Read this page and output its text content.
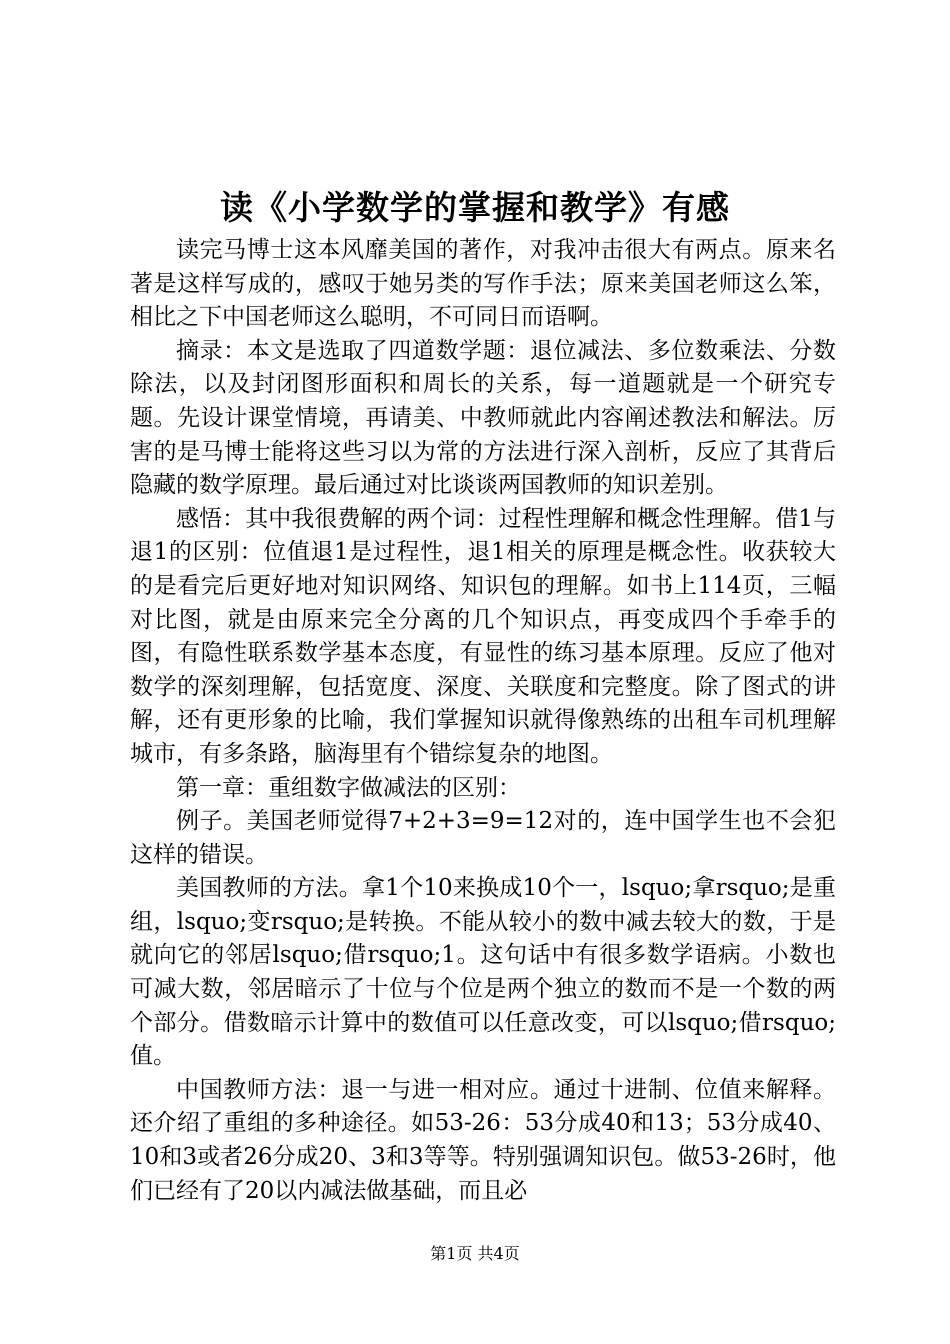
读《小学数学的掌握和教学》有感

读完马博士这本风靡美国的著作，对我冲击很大有两点。原来名著是这样写成的，感叹于她另类的写作手法；原来美国老师这么笨，相比之下中国老师这么聪明，不可同日而语啊。

摘录：本文是选取了四道数学题：退位减法、多位数乘法、分数除法，以及封闭图形面积和周长的关系，每一道题就是一个研究专题。先设计课堂情境，再请美、中教师就此内容阐述教法和解法。厉害的是马博士能将这些习以为常的方法进行深入剖析，反应了其背后隐藏的数学原理。最后通过对比谈谈两国教师的知识差别。

感悟：其中我很费解的两个词：过程性理解和概念性理解。借1与退1的区别：位值退1是过程性，退1相关的原理是概念性。收获较大的是看完后更好地对知识网络、知识包的理解。如书上114页，三幅对比图，就是由原来完全分离的几个知识点，再变成四个手牵手的图，有隐性联系数学基本态度，有显性的练习基本原理。反应了他对数学的深刻理解，包括宽度、深度、关联度和完整度。除了图式的讲解，还有更形象的比喻，我们掌握知识就得像熟练的出租车司机理解城市，有多条路，脑海里有个错综复杂的地图。

第一章：重组数字做减法的区别：

例子。美国老师觉得7+2+3=9=12对的，连中国学生也不会犯这样的错误。

美国教师的方法。拿1个10来换成10个一，lsquo;拿rsquo;是重组，lsquo;变rsquo;是转换。不能从较小的数中减去较大的数，于是就向它的邻居lsquo;借rsquo;1。这句话中有很多数学语病。小数也可减大数，邻居暗示了十位与个位是两个独立的数而不是一个数的两个部分。借数暗示计算中的数值可以任意改变，可以lsquo;借rsquo;值。

中国教师方法：退一与进一相对应。通过十进制、位值来解释。还介绍了重组的多种途径。如53-26：53分成40和13；53分成40、10和3或者26分成20、3和3等等。特别强调知识包。做53-26时，他们已经有了20以内减法做基础，而且必

第1页 共4页
